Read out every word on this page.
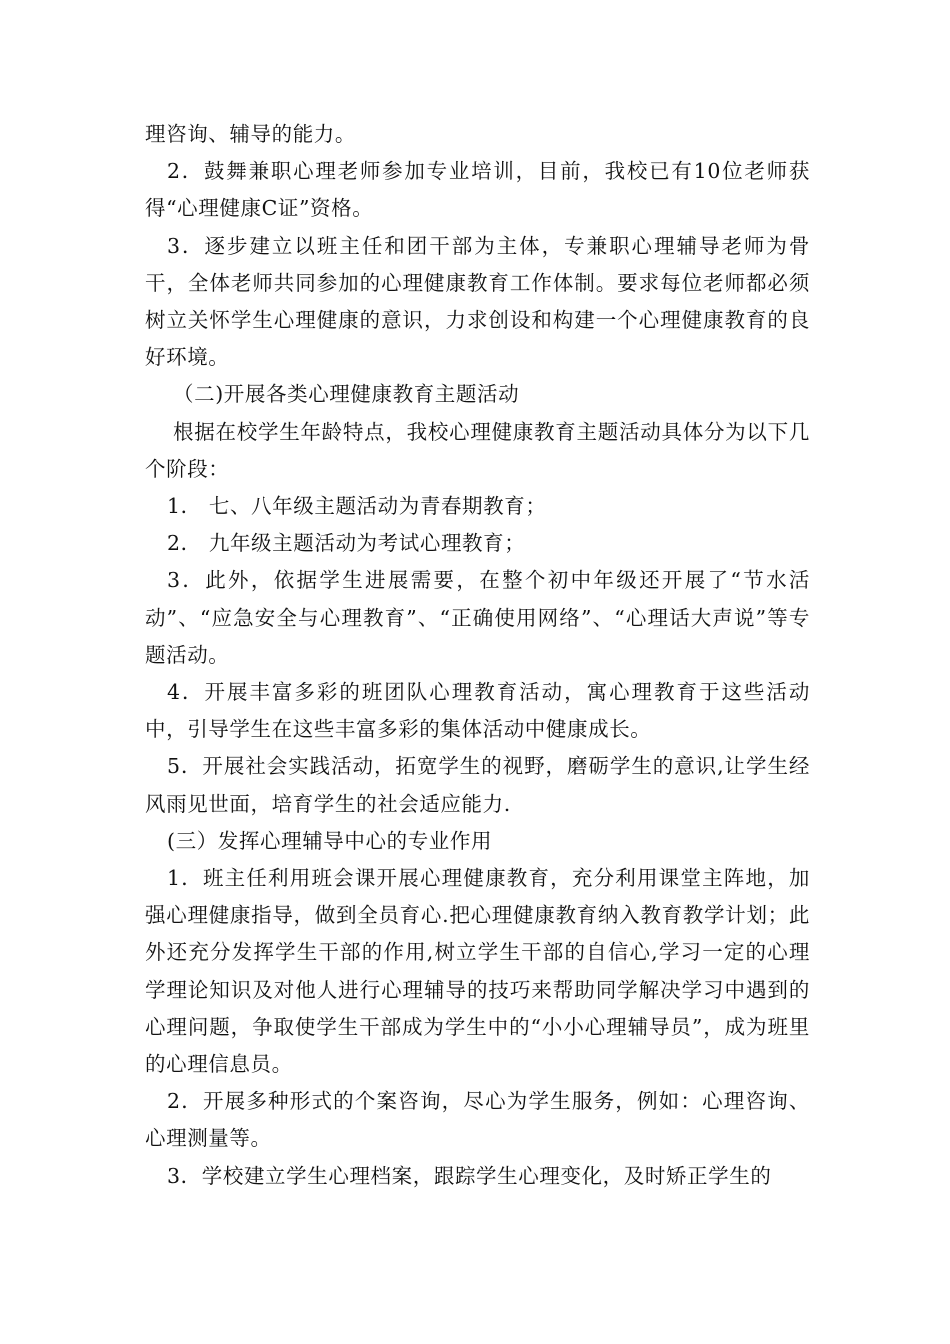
理咨询、辅导的能力。

2．鼓舞兼职心理老师参加专业培训，目前，我校已有10位老师获得“心理健康C证”资格。

3．逐步建立以班主任和团干部为主体，专兼职心理辅导老师为骨干，全体老师共同参加的心理健康教育工作体制。要求每位老师都必须树立关怀学生心理健康的意识，力求创设和构建一个心理健康教育的良好环境。

（二)开展各类心理健康教育主题活动

根据在校学生年龄特点，我校心理健康教育主题活动具体分为以下几个阶段：

1． 七、八年级主题活动为青春期教育；

2． 九年级主题活动为考试心理教育；

3．此外，依据学生进展需要，在整个初中年级还开展了“节水活动”、“应急安全与心理教育”、“正确使用网络”、“心理话大声说”等专题活动。

4．开展丰富多彩的班团队心理教育活动，寓心理教育于这些活动中，引导学生在这些丰富多彩的集体活动中健康成长。

5．开展社会实践活动，拓宽学生的视野，磨砺学生的意识,让学生经风雨见世面，培育学生的社会适应能力.

(三）发挥心理辅导中心的专业作用

1．班主任利用班会课开展心理健康教育，充分利用课堂主阵地，加强心理健康指导，做到全员育心.把心理健康教育纳入教育教学计划；此外还充分发挥学生干部的作用,树立学生干部的自信心,学习一定的心理学理论知识及对他人进行心理辅导的技巧来帮助同学解决学习中遇到的心理问题，争取使学生干部成为学生中的“小小心理辅导员”，成为班里的心理信息员。

2．开展多种形式的个案咨询，尽心为学生服务，例如：心理咨询、心理测量等。

3．学校建立学生心理档案，跟踪学生心理变化，及时矫正学生的
